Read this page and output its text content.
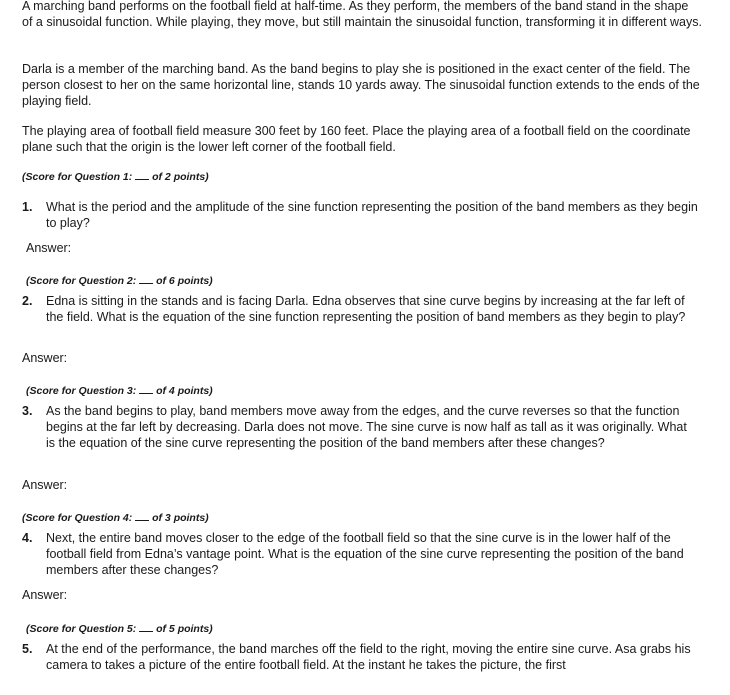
A marching band performs on the football field at half-time. As they perform, the members of the band stand in the shape of a sinusoidal function. While playing, they move, but still maintain the sinusoidal function, transforming it in different ways.

Darla is a member of the marching band. As the band begins to play she is positioned in the exact center of the field. The person closest to her on the same horizontal line, stands 10 yards away. The sinusoidal function extends to the ends of the playing field.

The playing area of football field measure 300 feet by 160 feet. Place the playing area of a football field on the coordinate plane such that the origin is the lower left corner of the football field.

(Score for Question 1:  of 2 points)
1. What is the period and the amplitude of the sine function representing the position of the band members as they begin to play?
Answer:
(Score for Question 2:  of 6 points)
2. Edna is sitting in the stands and is facing Darla. Edna observes that sine curve begins by increasing at the far left of the field. What is the equation of the sine function representing the position of band members as they begin to play?
Answer:
(Score for Question 3:  of 4 points)
3. As the band begins to play, band members move away from the edges, and the curve reverses so that the function begins at the far left by decreasing. Darla does not move. The sine curve is now half as tall as it was originally. What is the equation of the sine curve representing the position of the band members after these changes?
Answer:
(Score for Question 4:  of 3 points)
4. Next, the entire band moves closer to the edge of the football field so that the sine curve is in the lower half of the football field from Edna’s vantage point. What is the equation of the sine curve representing the position of the band members after these changes?
Answer:
(Score for Question 5:  of 5 points)
5. At the end of the performance, the band marches off the field to the right, moving the entire sine curve. Asa grabs his camera to takes a picture of the entire football field. At the instant he takes the picture, the first
